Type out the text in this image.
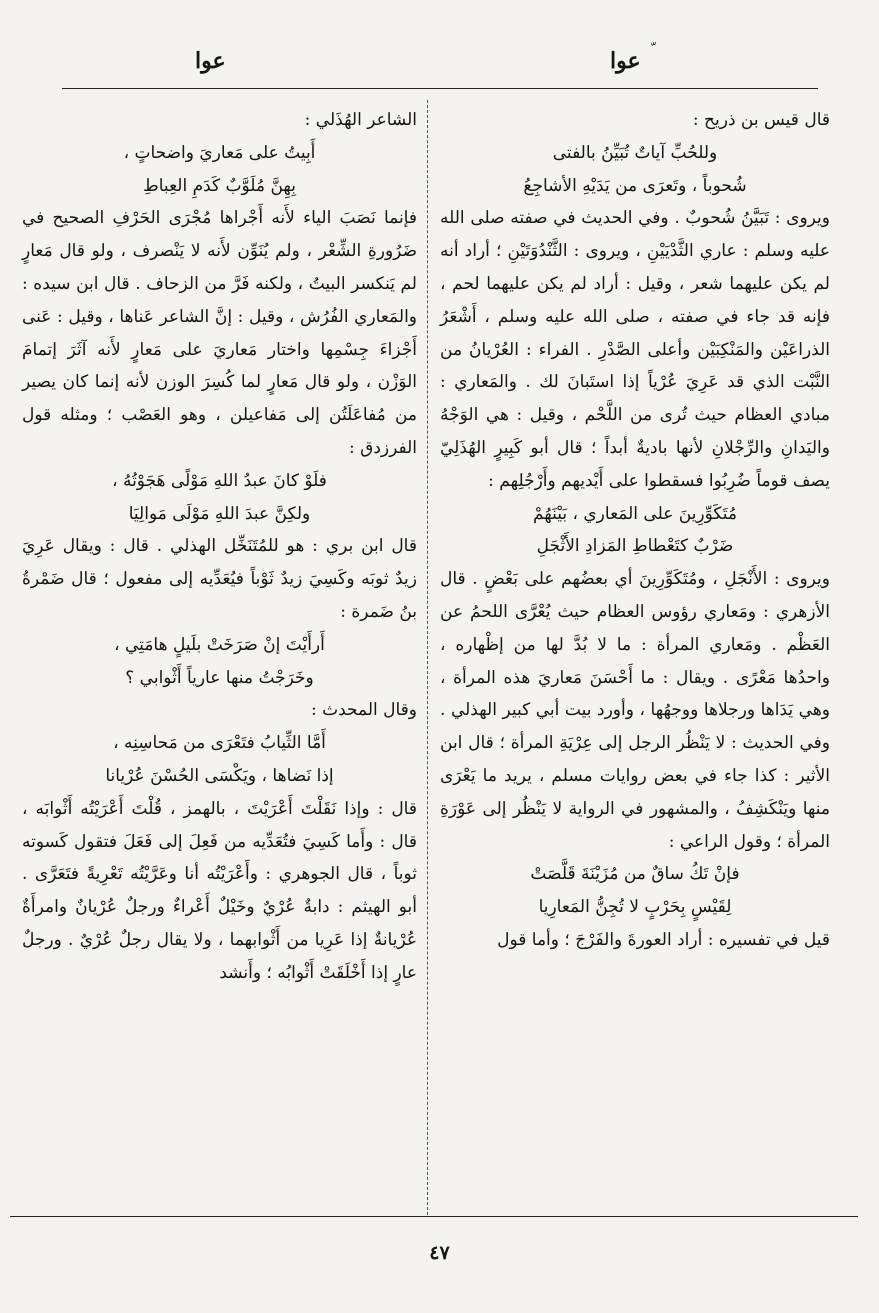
عوا
عوا

قال قيس بن ذريح :

وللحُبِّ آياتٌ تُبَيِّنُ بالفتى

شُحوباً ، وتَعرَى من يَدَيْهِ الأشاجِعُ

ويروى : تَبَيَّنُ شُحوبٌ . وفي الحديث في صفته صلى الله عليه وسلم : عاري الثَّدْيَيْنِ ، ويروى : الثَّنْدُوَتَيْنِ ؛ أراد أنه لم يكن عليهما شعر ، وقيل : أراد لم يكن عليهما لحم ، فإنه قد جاء في صفته ، صلى الله عليه وسلم ، أَشْعَرُ الذراعَيْن والمَنْكِبَيْن وأعلى الصَّدْرِ . الفراء : العُرْيانُ من النَّبْت الذي قد عَرِيَ عُرْياً إذا استَبانَ لك . والمَعاري : مبادي العظام حيث تُرى من اللَّحْم ، وقيل : هي الوَجْهُ واليَدانِ والرِّجْلانِ لأنها باديةٌ أبداً ؛ قال أبو كَبِيرٍ الهُذَلِيّ يصف قوماً ضُرِبُوا فسقطوا على أَيْديهم وأَرْجُلِهم :

مُتَكَوِّرِينَ على المَعاري ، بَيْنَهُمْ

ضَرْبٌ كتَعْطاطِ المَزادِ الأَثْجَلِ

ويروى : الأَنْجَلِ ، ومُتَكَوِّرِينَ أي بعضُهم على بَعْضٍ . قال الأزهري : ومَعاري رؤوس العظام حيث يُعْرَّى اللحمُ عن العَظْم . ومَعاري المرأة : ما لا بُدَّ لها من إظْهاره ، واحدُها مَعْرًى . ويقال : ما أَحْسَنَ مَعاريَ هذه المرأة ، وهي يَدَاها ورجلاها ووجهُها ، وأورد بيت أبي كبير الهذلي . وفي الحديث : لا يَنْظُر الرجل إلى عِرْيَةِ المرأة ؛ قال ابن الأثير : كذا جاء في بعض روايات مسلم ، يريد ما يَعْرَى منها ويَنْكَشِفُ ، والمشهور في الرواية لا يَنْظُر إلى عَوْرَةِ المرأة ؛ وقول الراعي :

فإنْ تَكُ ساقٌ من مُزَيْنَةَ قَلَّصَتْ

لِقَيْسٍ بِحَرْبٍ لا تُجِنُّ المَعارِيا

قيل في تفسيره : أراد العورةَ والفَرْجَ ؛ وأما قول

الشاعر الهُذَلي :

أَبِيتُ على مَعاريَ واضحاتٍ ،

بِهِنَّ مُلَوَّبٌ كَدَمِ العِباطِ

فإنما نَصَبَ الياء لأَنه أَجْراها مُجْرَى الحَرْفِ الصحيح في ضَرُورةِ الشِّعْر ، ولم يُنَوِّن لأَنه لا يَنْصرف ، ولو قال مَعارٍ لم يَنكسر البيتُ ، ولكنه فَرَّ من الزحاف . قال ابن سيده : والمَعاري الفُرُش ، وقيل : إنَّ الشاعر عَناها ، وقيل : عَنى أَجْزاءَ جِسْمِها واختار مَعاريَ على مَعارٍ لأَنه آثَرَ إتمامَ الوَزْن ، ولو قال مَعارٍ لما كُسِرَ الوزن لأنه إنما كان يصير من مُفاعَلَتُن إلى مَفاعيلن ، وهو العَصْب ؛ ومثله قول الفرزدق :

فلَوْ كانَ عبدُ اللهِ مَوْلًى هَجَوْتُهُ ،

ولكِنَّ عبدَ اللهِ مَوْلَى مَوالِيَا

قال ابن بري : هو للمُتَنَخِّل الهذلي . قال : ويقال عَرِيَ زيدٌ ثوبَه وكَسِيَ زيدٌ ثَوْباً فيُعَدِّيه إلى مفعول ؛ قال ضَمْرةُ بنُ ضَمرة :

أَرأَيْتَ إنْ صَرَخَتْ بلَيلٍ هامَتِي ،

وخَرَجْتُ منها عارياً أَثْوابي ؟

وقال المحدث :

أَمَّا الثِّيابُ فتَعْرَى من مَحاسِنِه ،

إذا نَضاها ، ويَكْسَى الحُسْنَ عُرْيانا

قال : وإذا نَقَلْتَ أَعْرَيْتَ ، بالهمز ، قُلْتَ أَعْرَيْتُه أَثْوابَه ، قال : وأَما كَسِيَ فتُعَدِّيه من فَعِلَ إلى فَعَلَ فتقول كَسوته ثوباً ، قال الجوهري : وأَعْرَيْتُه أنا وعَرَّيْتُه تَعْرِيةً فتَعَرَّى . أبو الهيثم : دابةٌ عُرْيٌ وخَيْلٌ أَعْراءٌ ورجلٌ عُرْيانٌ وامرأَةٌ عُرْيانةٌ إذا عَرِيا من أَثْوابهما ، ولا يقال رجلٌ عُرْيٌ . ورجلٌ عارٍ إذا أَخْلَقَتْ أَثْوابُه ؛ وأَنشد

٤٧
